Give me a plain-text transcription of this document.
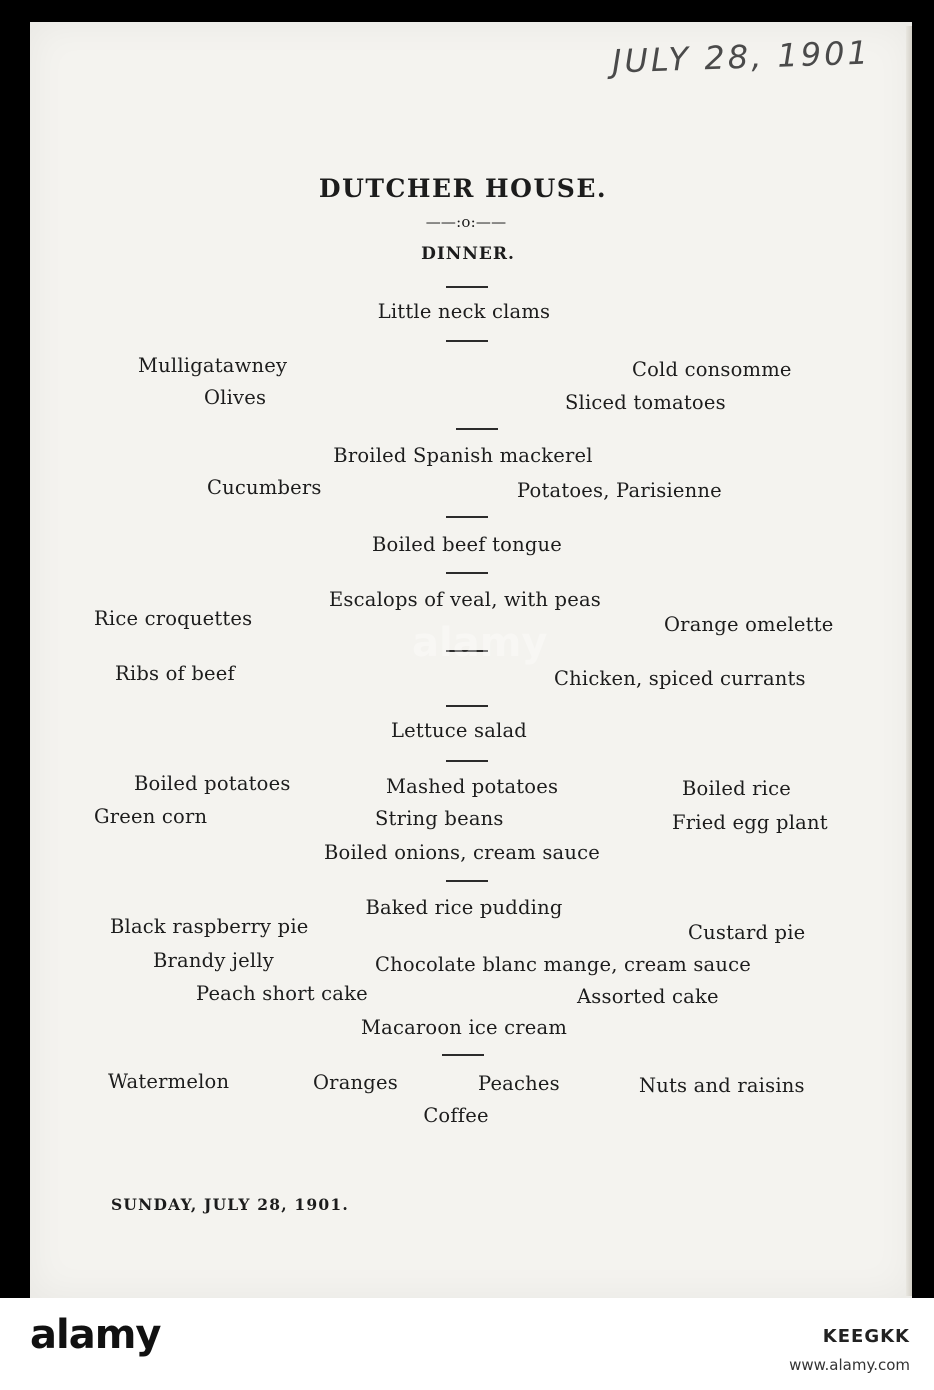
JULY 28, 1901
DUTCHER HOUSE.
——:o:——
DINNER.
Little neck clams
Mulligatawney	Cold consomme
Olives	Sliced tomatoes
Broiled Spanish mackerel
Cucumbers	Potatoes, Parisienne
Boiled beef tongue
Escalops of veal, with peas
Rice croquettes	Orange omelette
Ribs of beef	Chicken, spiced currants
Lettuce salad
Boiled potatoes	Mashed potatoes	Boiled rice
Green corn	String beans	Fried egg plant
Boiled onions, cream sauce
Baked rice pudding
Black raspberry pie	Custard pie
Brandy jelly	Chocolate blanc mange, cream sauce
Peach short cake	Assorted cake
Macaroon ice cream
Watermelon	Oranges	Peaches	Nuts and raisins
Coffee
SUNDAY, JULY 28, 1901.
alamy
alamy	KEEGKK
www.alamy.com
